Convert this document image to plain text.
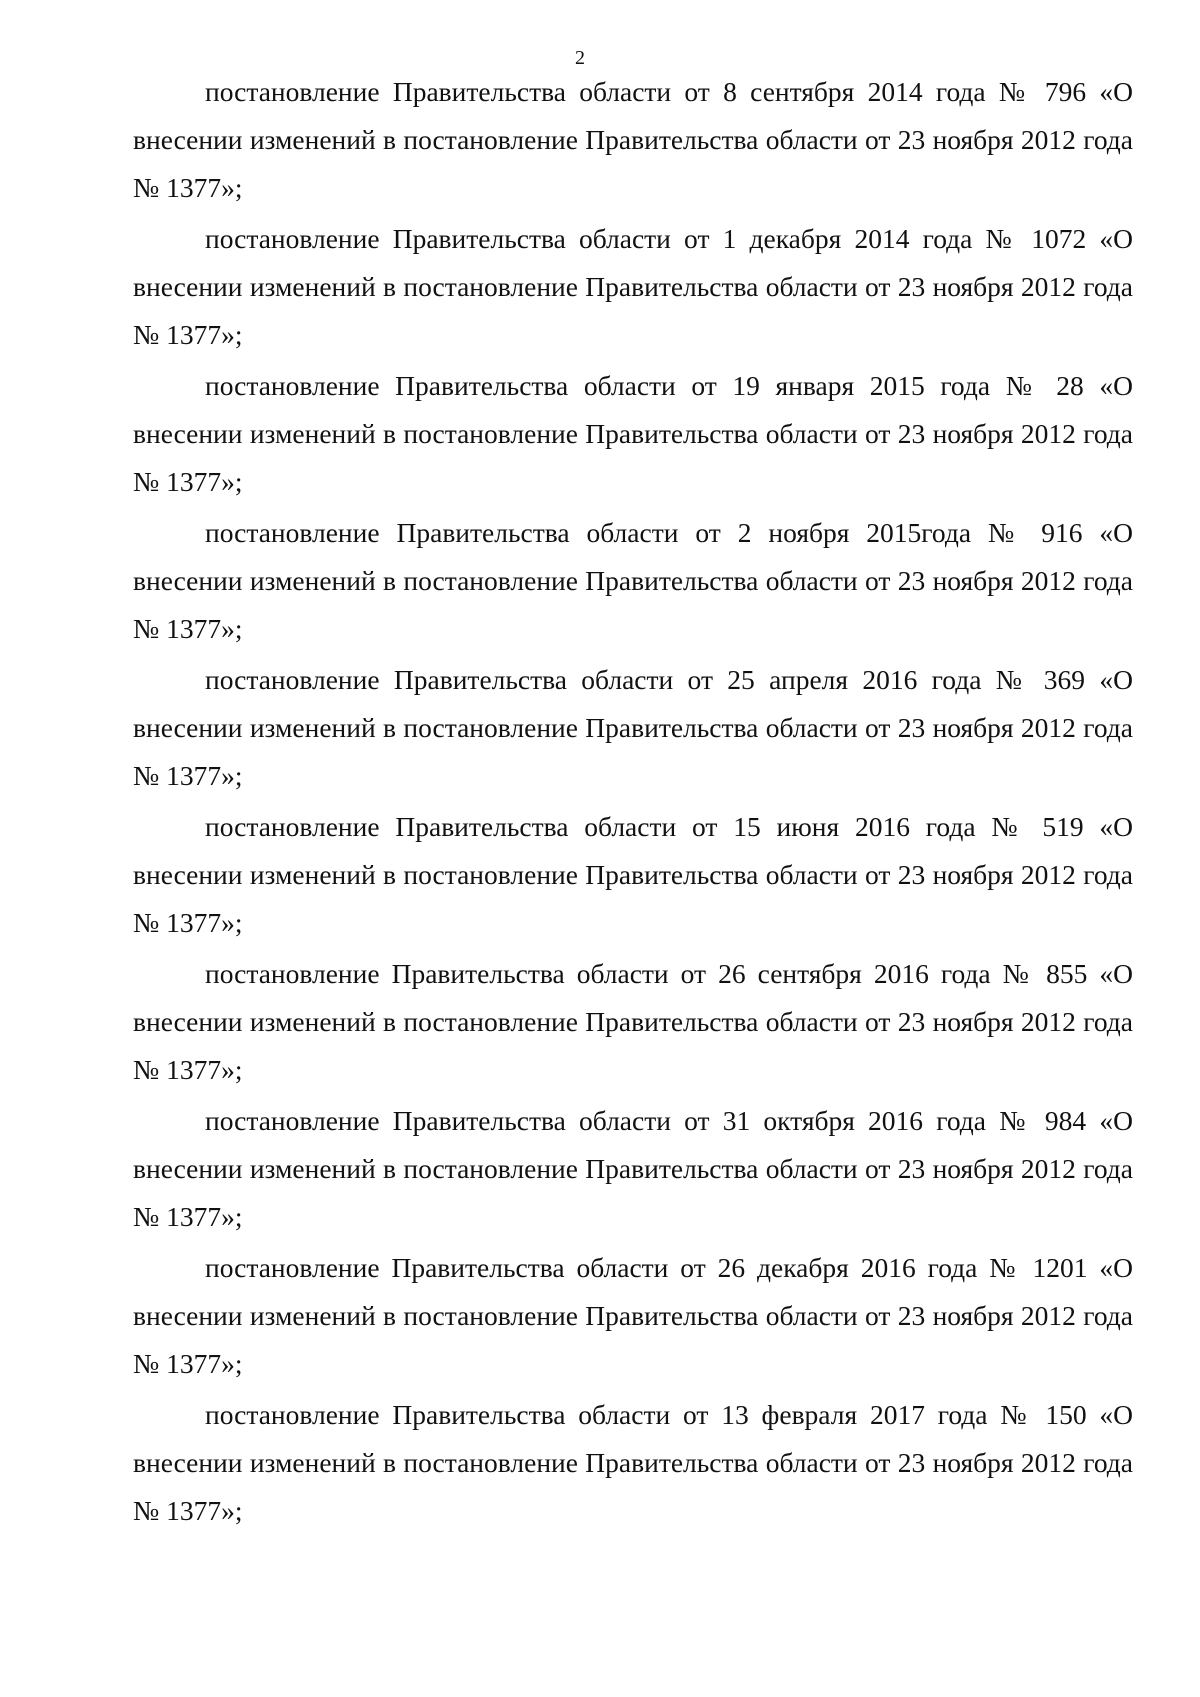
2

постановление Правительства области от 8 сентября 2014 года № 796 «О внесении изменений в постановление Правительства области от 23 ноября 2012 года № 1377»;

постановление Правительства области от 1 декабря 2014 года № 1072 «О внесении изменений в постановление Правительства области от 23 ноября 2012 года № 1377»;

постановление Правительства области от 19 января 2015 года № 28 «О внесении изменений в постановление Правительства области от 23 ноября 2012 года № 1377»;

постановление Правительства области от 2 ноября 2015года № 916 «О внесении изменений в постановление Правительства области от 23 ноября 2012 года № 1377»;

постановление Правительства области от 25 апреля 2016 года № 369 «О внесении изменений в постановление Правительства области от 23 ноября 2012 года № 1377»;

постановление Правительства области от 15 июня 2016 года № 519 «О внесении изменений в постановление Правительства области от 23 ноября 2012 года № 1377»;

постановление Правительства области от 26 сентября 2016 года № 855 «О внесении изменений в постановление Правительства области от 23 ноября 2012 года № 1377»;

постановление Правительства области от 31 октября 2016 года № 984 «О внесении изменений в постановление Правительства области от 23 ноября 2012 года № 1377»;

постановление Правительства области от 26 декабря 2016 года № 1201 «О внесении изменений в постановление Правительства области от 23 ноября 2012 года № 1377»;

постановление Правительства области от 13 февраля 2017 года № 150 «О внесении изменений в постановление Правительства области от 23 ноября 2012 года № 1377»;
